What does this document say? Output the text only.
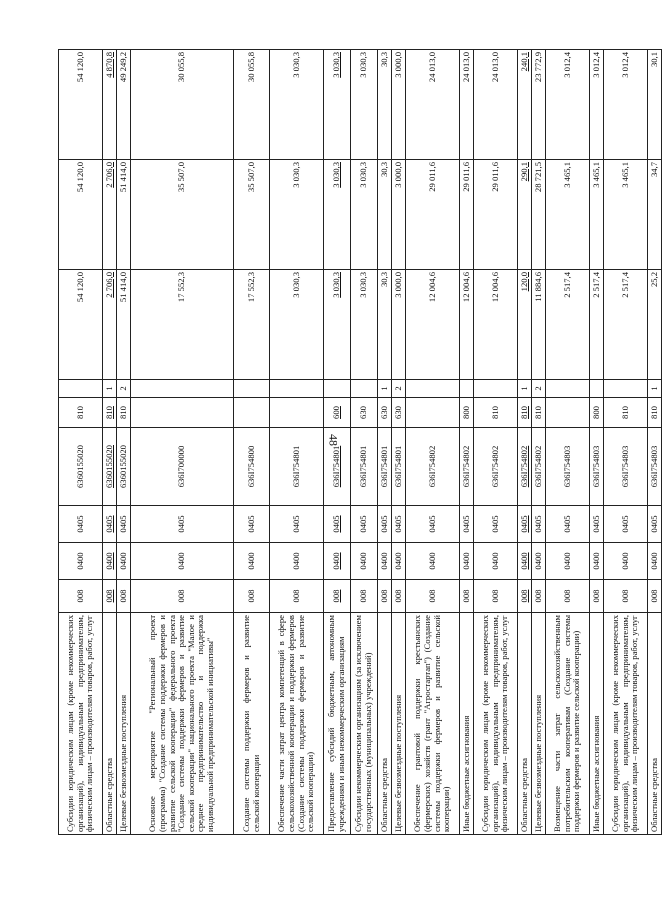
48
Субсидии юридическим лицам (кроме некоммерческих организаций), индивидуальным предпринимателям, физическим лицам – производителям товаров, работ, услуг	008	0400	0405	6360155020	810		54 120,0	54 120,0	54 120,0
Областные средства	008	0400	0405	6360155020	810	1	2 706,0	2 706,0	4 870,8
Целевые безвозмездные поступления	008	0400	0405	6360155020	810	2	51 414,0	51 414,0	49 249,2
Основное мероприятие "Региональный проект (программа) "Создание системы поддержки фермеров и развитие сельской кооперации" федерального проекта "Создание системы поддержки фермеров и развитие сельской кооперации" национального проекта "Малое и среднее предпринимательство и поддержка индивидуальной предпринимательской инициативы"	008	0400	0405	636I700000			17 552,3	35 507,0	30 055,8
Создание системы поддержки фермеров и развитие сельской кооперации	008	0400	0405	636I754800			17 552,3	35 507,0	30 055,8
Обеспечение части затрат центра компетенций в сфере сельскохозяйственной кооперации и поддержки фермеров (Создание системы поддержки фермеров и развитие сельской кооперации)	008	0400	0405	636I754801			3 030,3	3 030,3	3 030,3
Предоставление субсидий бюджетным, автономным учреждениям и иным некоммерческим организациям	008	0400	0405	636I754801	600		3 030,3	3 030,3	3 030,3
Субсидии некоммерческим организациям (за исключением государственных (муниципальных) учреждений)	008	0400	0405	636I754801	630		3 030,3	3 030,3	3 030,3
Областные средства	008	0400	0405	636I754801	630	1	30,3	30,3	30,3
Целевые безвозмездные поступления	008	0400	0405	636I754801	630	2	3 000,0	3 000,0	3 000,0
Обеспечение грантовой поддержки крестьянских (фермерских) хозяйств (грант "Агростартап") (Создание системы поддержки фермеров и развитие сельской кооперации)	008	0400	0405	636I754802			12 004,6	29 011,6	24 013,0
Иные бюджетные ассигнования	008	0400	0405	636I754802	800		12 004,6	29 011,6	24 013,0
Субсидии юридическим лицам (кроме некоммерческих организаций), индивидуальным предпринимателям, физическим лицам – производителям товаров, работ, услуг	008	0400	0405	636I754802	810		12 004,6	29 011,6	24 013,0
Областные средства	008	0400	0405	636I754802	810	1	120,0	290,1	240,1
Целевые безвозмездные поступления	008	0400	0405	636I754802	810	2	11 884,6	28 721,5	23 772,9
Возмещение части затрат сельскохозяйственным потребительским кооперативам (Создание системы поддержки фермеров и развитие сельской кооперации)	008	0400	0405	636I754803			2 517,4	3 465,1	3 012,4
Иные бюджетные ассигнования	008	0400	0405	636I754803	800		2 517,4	3 465,1	3 012,4
Субсидии юридическим лицам (кроме некоммерческих организаций), индивидуальным предпринимателям, физическим лицам – производителям товаров, работ, услуг	008	0400	0405	636I754803	810		2 517,4	3 465,1	3 012,4
Областные средства	008	0400	0405	636I754803	810	1	25,2	34,7	30,1
